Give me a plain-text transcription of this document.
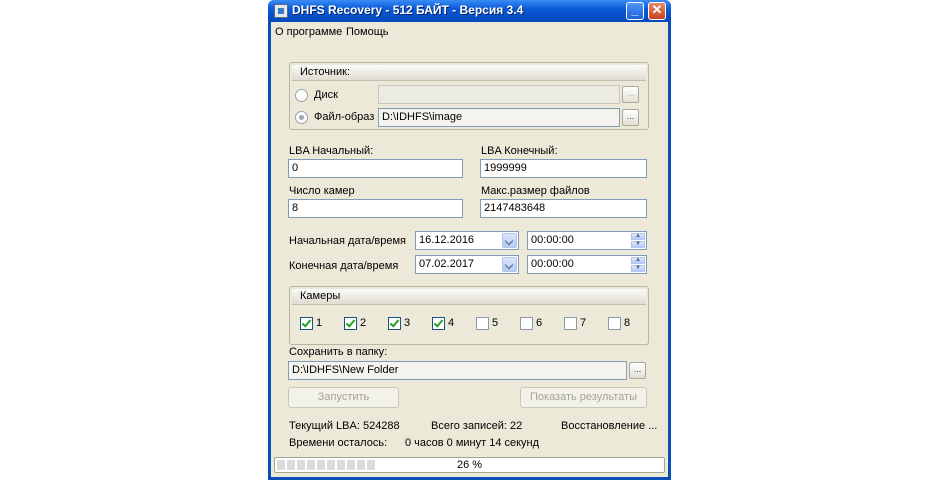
DHFS Recovery - 512 БАЙТ - Версия 3.4	_ ✕
О программе Помощь
Источник:
Диск	...
Файл-образ D:\IDHFS\image	...
LBA Начальный:
0
LBA Конечный:
1999999
Число камер
8
Макс.размер файлов
2147483648
Начальная дата/время	16.12.2016	00:00:00	▲
▼
Конечная дата/время	07.02.2017	00:00:00	▲
▼
Камеры
1	2	3	4	5	6	7	8
Сохранить в папку:
D:\IDHFS\New Folder	...
Запустить	Показать результаты
Текущий LBA: 524288	Всего записей: 22	Восстановление ...
Времени осталось: 0 часов 0 минут 14 секунд
26 %
